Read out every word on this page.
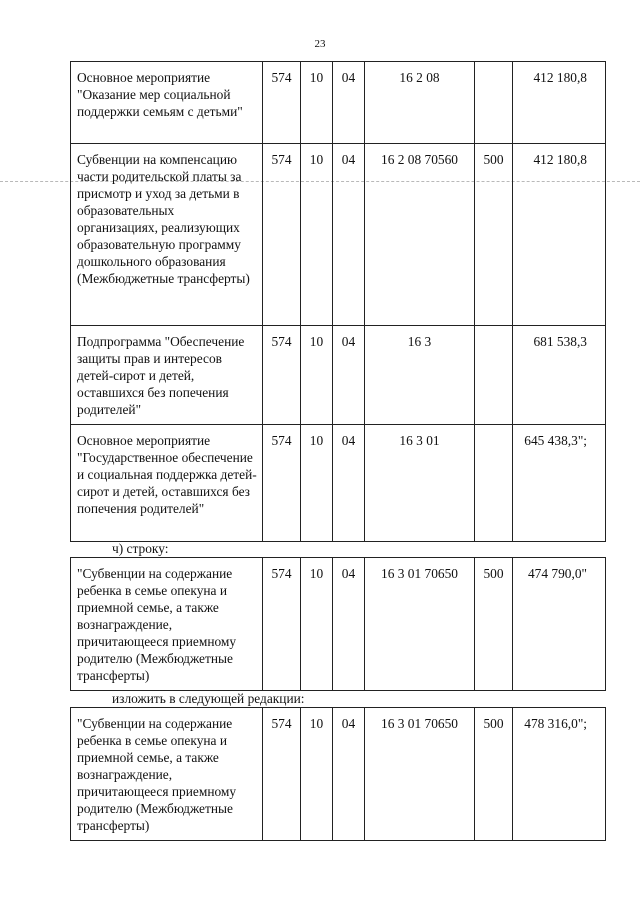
23
Основное мероприятие "Оказание мер социальной поддержки семьям с детьми"	574	10	04	16 2 08		412 180,8
Субвенции на компенсацию части родительской платы за присмотр и уход за детьми в образовательных организациях, реализующих образовательную программу дошкольного образования (Межбюджетные трансферты)	574	10	04	16 2 08 70560	500	412 180,8
Подпрограмма "Обеспечение защиты прав и интересов детей-сирот и детей, оставшихся без попечения родителей"	574	10	04	16 3		681 538,3
Основное мероприятие "Государственное обеспечение и социальная поддержка детей-сирот и детей, оставшихся без попечения родителей"	574	10	04	16 3 01		645 438,3";
ч) строку:
"Субвенции на содержание ребенка в семье опекуна и приемной семье, а также вознаграждение, причитающееся приемному родителю (Межбюджетные трансферты)	574	10	04	16 3 01 70650	500	474 790,0"
изложить в следующей редакции:
"Субвенции на содержание ребенка в семье опекуна и приемной семье, а также вознаграждение, причитающееся приемному родителю (Межбюджетные трансферты)	574	10	04	16 3 01 70650	500	478 316,0";
